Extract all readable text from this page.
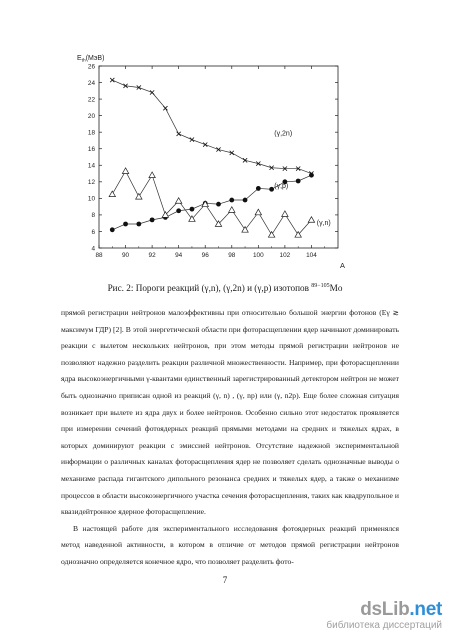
4
6
8
10
12
14
16
18
20
22
24
26
88	90	92	94	96	98	100 102 104
$E_{th}(MэВ)$
A
(γ,2n)
(γ,p)
(γ,n)
Рис. 2: Пороги реакций (γ,n), (γ,2n) и (γ,p) изотопов $^{89-105}$Mo

прямой регистрации нейтронов малоэффективны при относительно большой энергии фотонов (Eγ ≳ максимум ГДР) [2]. В этой энергетической области при фоторасщеплении ядер начинают доминировать реакции с вылетом нескольких нейтронов, при этом методы прямой регистрации нейтронов не позволяют надежно разделить реакции различной множественности. Например, при фоторасщеплении ядра высокоэнергичными γ-квантами единственный зарегистрированный детектором нейтрон не может быть однозначно приписан одной из реакций (γ, n) , (γ, np) или (γ, n2p). Еще более сложная ситуация возникает при вылете из ядра двух и более нейтронов. Особенно сильно этот недостаток проявляется при измерении сечений фотоядерных реакций прямыми методами на средних и тяжелых ядрах, в которых доминируют реакции с эмиссией нейтронов. Отсутствие надежной экспериментальной информации о различных каналах фоторасщепления ядер не позволяет сделать однозначные выводы о механизме распада гигантского дипольного резонанса средних и тяжелых ядер, а также о механизме процессов в области высокоэнергичного участка сечения фоторасщепления, таких как квадрупольное и квазидейтронное ядерное фоторасщепление.

В настоящей работе для экспериментального исследования фотоядерных реакций применялся метод наведенной активности, в котором в отличие от методов прямой регистрации нейтронов однозначно определяется конечное ядро, что позволяет разделить фото-

7
dsLib.net
библиотека диссертаций
